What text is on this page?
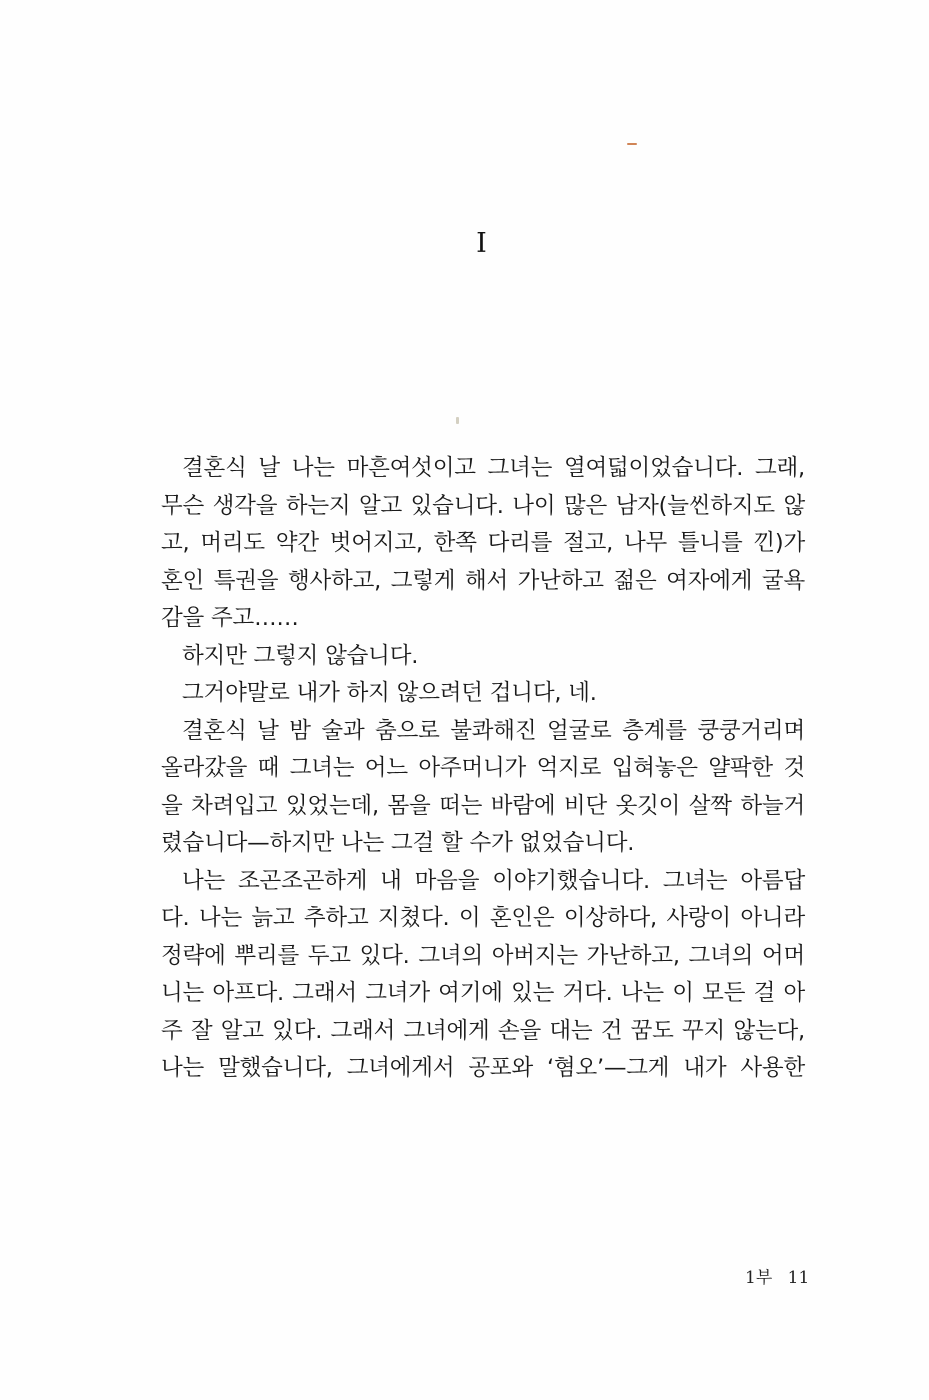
I
결혼식 날 나는 마흔여섯이고 그녀는 열여덟이었습니다. 그래,
무슨 생각을 하는지 알고 있습니다. 나이 많은 남자(늘씬하지도 않
고, 머리도 약간 벗어지고, 한쪽 다리를 절고, 나무 틀니를 낀)가
혼인 특권을 행사하고, 그렇게 해서 가난하고 젊은 여자에게 굴욕
감을 주고……
하지만 그렇지 않습니다.
그거야말로 내가 하지 않으려던 겁니다, 네.
결혼식 날 밤 술과 춤으로 불콰해진 얼굴로 층계를 쿵쿵거리며
올라갔을 때 그녀는 어느 아주머니가 억지로 입혀놓은 얄팍한 것
을 차려입고 있었는데, 몸을 떠는 바람에 비단 옷깃이 살짝 하늘거
렸습니다—하지만 나는 그걸 할 수가 없었습니다.
나는 조곤조곤하게 내 마음을 이야기했습니다. 그녀는 아름답
다. 나는 늙고 추하고 지쳤다. 이 혼인은 이상하다, 사랑이 아니라
정략에 뿌리를 두고 있다. 그녀의 아버지는 가난하고, 그녀의 어머
니는 아프다. 그래서 그녀가 여기에 있는 거다. 나는 이 모든 걸 아
주 잘 알고 있다. 그래서 그녀에게 손을 대는 건 꿈도 꾸지 않는다,
나는 말했습니다, 그녀에게서 공포와 ‘혐오’—그게 내가 사용한
1부 11
